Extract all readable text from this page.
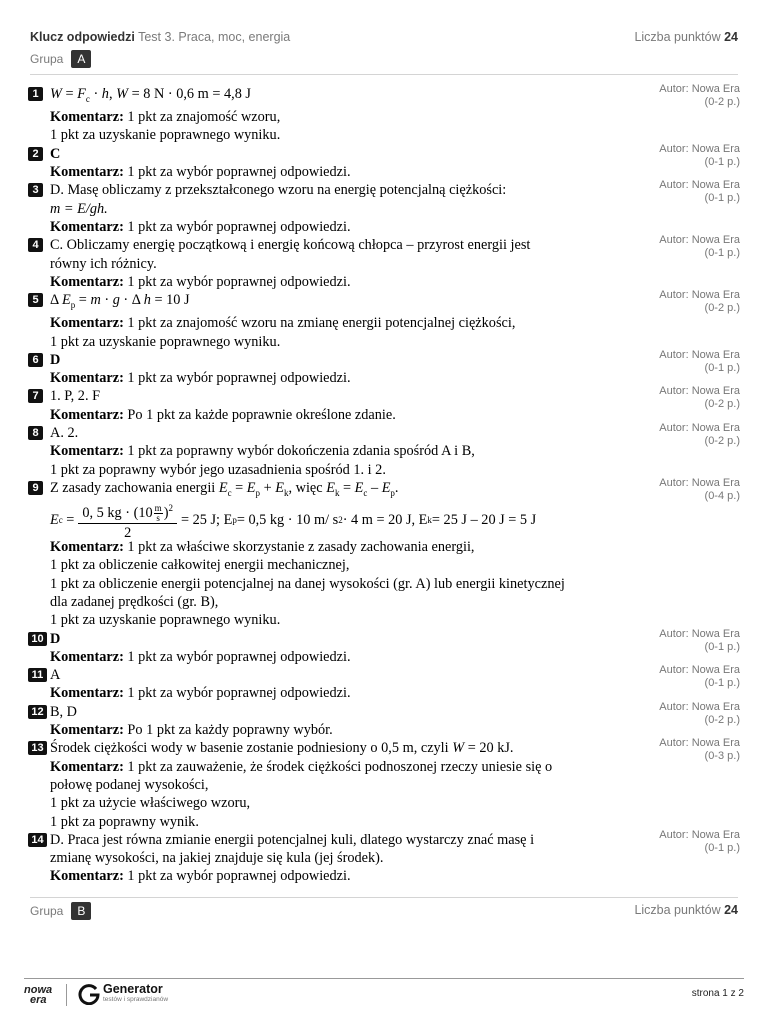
Klucz odpowiedzi Test 3. Praca, moc, energia	Liczba punktów 24
Grupa	A
1 $W = F_c \cdot h$, W = 8 N · 0,6 m = 4,8 J
Komentarz: 1 pkt za znajomość wzoru,
1 pkt za uzyskanie poprawnego wyniku.
Autor: Nowa Era
(0-2 p.)
2 C
Komentarz: 1 pkt za wybór poprawnej odpowiedzi.
Autor: Nowa Era
(0-1 p.)
3 D. Masę obliczamy z przekształconego wzoru na energię potencjalną ciężkości:
m = E/gh.
Komentarz: 1 pkt za wybór poprawnej odpowiedzi.
Autor: Nowa Era
(0-1 p.)
4 C. Obliczamy energię początkową i energię końcową chłopca – przyrost energii jest
równy ich różnicy.
Komentarz: 1 pkt za wybór poprawnej odpowiedzi.
Autor: Nowa Era
(0-1 p.)
5 Δ $E_p = m \cdot g \cdot \Delta$ h = 10 J
Komentarz: 1 pkt za znajomość wzoru na zmianę energii potencjalnej ciężkości,
1 pkt za uzyskanie poprawnego wyniku.
Autor: Nowa Era
(0-2 p.)
6 D
Komentarz: 1 pkt za wybór poprawnej odpowiedzi.
Autor: Nowa Era
(0-1 p.)
7 1. P, 2. F
Komentarz: Po 1 pkt za każde poprawnie określone zdanie.
Autor: Nowa Era
(0-2 p.)
8 A. 2.
Komentarz: 1 pkt za poprawny wybór dokończenia zdania spośród A i B,
1 pkt za poprawny wybór jego uzasadnienia spośród 1. i 2.
Autor: Nowa Era
(0-2 p.)
9 Z zasady zachowania energii $E_c = E_p + E_k$, więc $E_k = E_c - E_p$.
E $c = \frac{0, 5 kg \cdot (10 \frac{m}{s} )^2}{2} = 25$ J; E p = 0,5 kg · 10 m/ s 2 · 4 m = 20 J, E k = 25 J – 20 J = 5 J
Komentarz: 1 pkt za właściwe skorzystanie z zasady zachowania energii,
1 pkt za obliczenie całkowitej energii mechanicznej,
1 pkt za obliczenie energii potencjalnej na danej wysokości (gr. A) lub energii kinetycznej
dla zadanej prędkości (gr. B),
1 pkt za uzyskanie poprawnego wyniku.
Autor: Nowa Era
(0-4 p.)
10 D
Komentarz: 1 pkt za wybór poprawnej odpowiedzi.
Autor: Nowa Era
(0-1 p.)
11 A
Komentarz: 1 pkt za wybór poprawnej odpowiedzi.
Autor: Nowa Era
(0-1 p.)
12 B, D
Komentarz: Po 1 pkt za każdy poprawny wybór.
Autor: Nowa Era
(0-2 p.)
13 Środek ciężkości wody w basenie zostanie podniesiony o 0,5 m, czyli W = 20 kJ.
Komentarz: 1 pkt za zauważenie, że środek ciężkości podnoszonej rzeczy uniesie się o
połowę podanej wysokości,
1 pkt za użycie właściwego wzoru,
1 pkt za poprawny wynik.
Autor: Nowa Era
(0-3 p.)
14 D. Praca jest równa zmianie energii potencjalnej kuli, dlatego wystarczy znać masę i
zmianę wysokości, na jakiej znajduje się kula (jej środek).
Komentarz: 1 pkt za wybór poprawnej odpowiedzi.
Autor: Nowa Era
(0-1 p.)
Grupa	B	Liczba punktów 24
nowa
era
Generator
testów i sprawdzianów
strona 1 z 2
